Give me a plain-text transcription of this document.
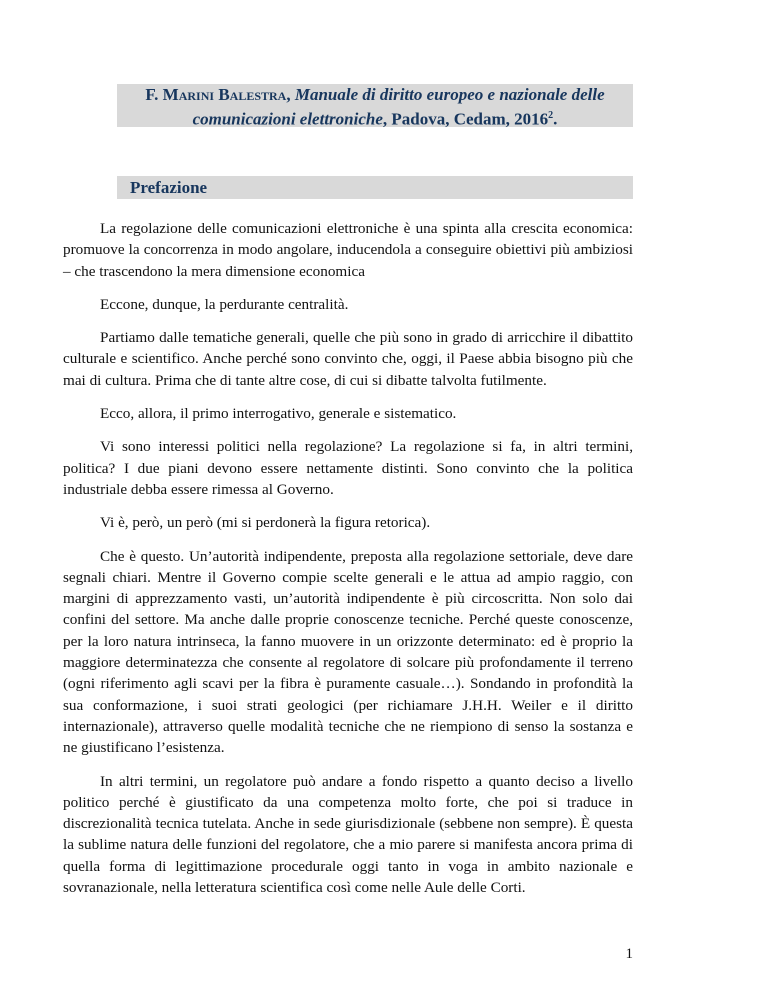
F. Marini Balestra, Manuale di diritto europeo e nazionale delle comunicazioni elettroniche, Padova, Cedam, 2016$^2$.
Prefazione

La regolazione delle comunicazioni elettroniche è una spinta alla crescita economica: promuove la concorrenza in modo angolare, inducendola a conseguire obiettivi più ambiziosi – che trascendono la mera dimensione economica

Eccone, dunque, la perdurante centralità.

Partiamo dalle tematiche generali, quelle che più sono in grado di arricchire il dibattito culturale e scientifico. Anche perché sono convinto che, oggi, il Paese abbia bisogno più che mai di cultura. Prima che di tante altre cose, di cui si dibatte talvolta futilmente.

Ecco, allora, il primo interrogativo, generale e sistematico.

Vi sono interessi politici nella regolazione? La regolazione si fa, in altri termini, politica? I due piani devono essere nettamente distinti. Sono convinto che la politica industriale debba essere rimessa al Governo.

Vi è, però, un però (mi si perdonerà la figura retorica).

Che è questo. Un’autorità indipendente, preposta alla regolazione settoriale, deve dare segnali chiari. Mentre il Governo compie scelte generali e le attua ad ampio raggio, con margini di apprezzamento vasti, un’autorità indipendente è più circoscritta. Non solo dai confini del settore. Ma anche dalle proprie conoscenze tecniche. Perché queste conoscenze, per la loro natura intrinseca, la fanno muovere in un orizzonte determinato: ed è proprio la maggiore determinatezza che consente al regolatore di solcare più profondamente il terreno (ogni riferimento agli scavi per la fibra è puramente casuale…). Sondando in profondità la sua conformazione, i suoi strati geologici (per richiamare J.H.H. Weiler e il diritto internazionale), attraverso quelle modalità tecniche che ne riempiono di senso la sostanza e ne giustificano l’esistenza.

In altri termini, un regolatore può andare a fondo rispetto a quanto deciso a livello politico perché è giustificato da una competenza molto forte, che poi si traduce in discrezionalità tecnica tutelata. Anche in sede giurisdizionale (sebbene non sempre). È questa la sublime natura delle funzioni del regolatore, che a mio parere si manifesta ancora prima di quella forma di legittimazione procedurale oggi tanto in voga in ambito nazionale e sovranazionale, nella letteratura scientifica così come nelle Aule delle Corti.

1
